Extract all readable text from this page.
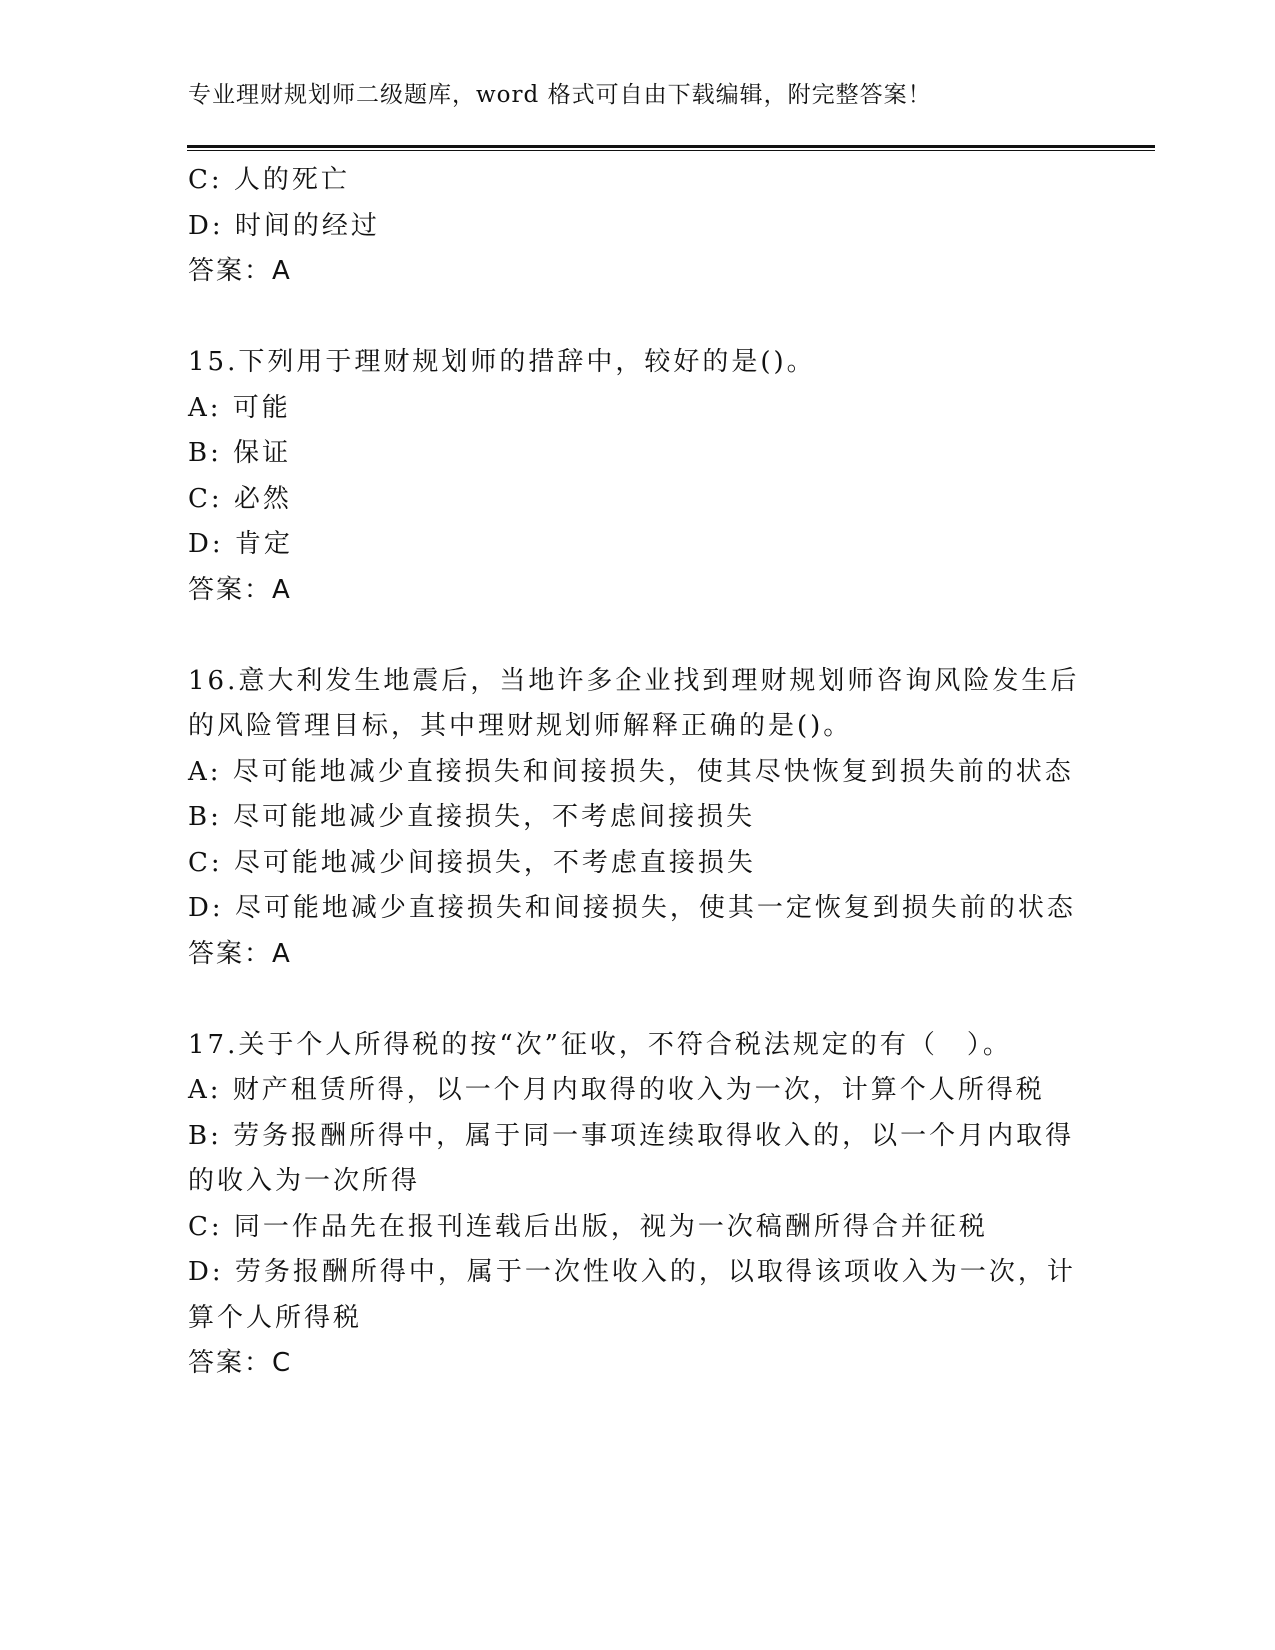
专业理财规划师二级题库，word 格式可自由下载编辑，附完整答案！
C: 人的死亡
D: 时间的经过
答案：A
15.下列用于理财规划师的措辞中，较好的是()。
A: 可能
B: 保证
C: 必然
D: 肯定
答案：A
16.意大利发生地震后，当地许多企业找到理财规划师咨询风险发生后
的风险管理目标，其中理财规划师解释正确的是()。
A: 尽可能地减少直接损失和间接损失，使其尽快恢复到损失前的状态
B: 尽可能地减少直接损失，不考虑间接损失
C: 尽可能地减少间接损失，不考虑直接损失
D: 尽可能地减少直接损失和间接损失，使其一定恢复到损失前的状态
答案：A
17.关于个人所得税的按“次”征收，不符合税法规定的有（　）。
A: 财产租赁所得，以一个月内取得的收入为一次，计算个人所得税
B: 劳务报酬所得中，属于同一事项连续取得收入的，以一个月内取得
的收入为一次所得
C: 同一作品先在报刊连载后出版，视为一次稿酬所得合并征税
D: 劳务报酬所得中，属于一次性收入的，以取得该项收入为一次，计
算个人所得税
答案：C
